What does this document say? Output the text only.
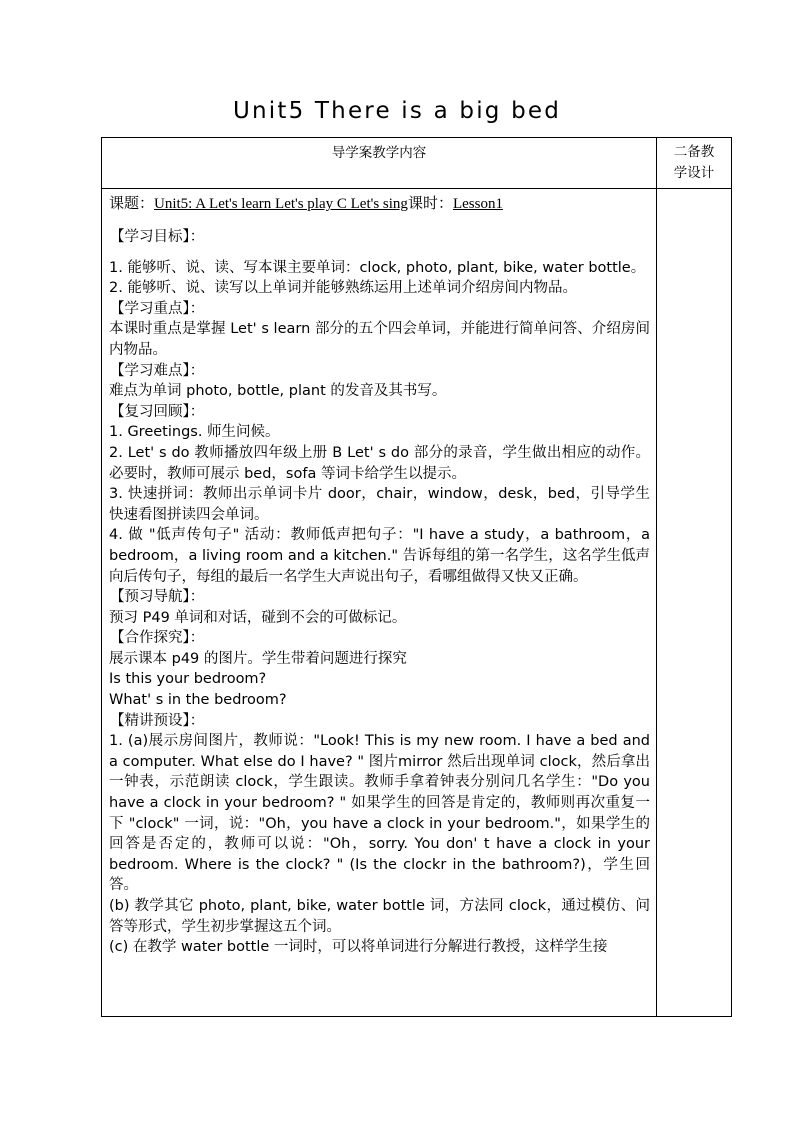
Unit5 There is a big bed
导学案教学内容	二备教
学设计

课题：Unit5: A Let's learn Let's play C Let's sing课时：Lesson1

【学习目标】：

1. 能够听、说、读、写本课主要单词：clock, photo, plant, bike, water bottle。

2. 能够听、说、读写以上单词并能够熟练运用上述单词介绍房间内物品。

【学习重点】：

本课时重点是掌握 Let' s learn 部分的五个四会单词，并能进行简单问答、介绍房间内物品。

【学习难点】：

难点为单词 photo, bottle, plant 的发音及其书写。

【复习回顾】：

1. Greetings. 师生问候。

2. Let' s do 教师播放四年级上册 B Let' s do 部分的录音，学生做出相应的动作。必要时，教师可展示 bed，sofa 等词卡给学生以提示。

3. 快速拼词：教师出示单词卡片 door，chair，window，desk，bed，引导学生快速看图拼读四会单词。

4. 做 "低声传句子" 活动：教师低声把句子："I have a study，a bathroom，a bedroom，a living room and a kitchen." 告诉每组的第一名学生，这名学生低声向后传句子，每组的最后一名学生大声说出句子，看哪组做得又快又正确。

【预习导航】：

预习 P49 单词和对话，碰到不会的可做标记。

【合作探究】：

展示课本 p49 的图片。学生带着问题进行探究

Is this your bedroom?

What' s in the bedroom?

【精讲预设】：

1. (a)展示房间图片，教师说："Look! This is my new room. I have a bed and a computer. What else do I have? " 图片mirror 然后出现单词 clock，然后拿出一钟表，示范朗读 clock，学生跟读。教师手拿着钟表分别问几名学生："Do you have a clock in your bedroom? " 如果学生的回答是肯定的，教师则再次重复一下 "clock" 一词，说："Oh，you have a clock in your bedroom."，如果学生的回答是否定的，教师可以说："Oh，sorry. You don' t have a clock in your bedroom. Where is the clock? " (Is the clockr in the bathroom?)，学生回答。

(b) 教学其它 photo, plant, bike, water bottle 词，方法同 clock，通过模仿、问答等形式，学生初步掌握这五个词。

(c) 在教学 water bottle 一词时，可以将单词进行分解进行教授，这样学生接
